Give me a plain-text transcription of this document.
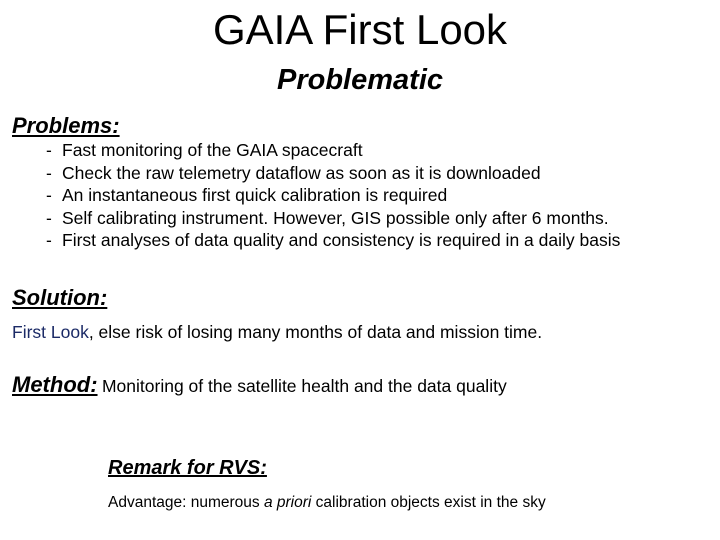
GAIA First Look
Problematic
Problems:
- Fast monitoring of the GAIA spacecraft
- Check the raw telemetry dataflow as soon as it is downloaded
- An instantaneous first quick calibration is required
- Self calibrating instrument. However, GIS possible only after 6 months.
- First analyses of data quality and consistency is required in a daily basis
Solution:
First Look, else risk of losing many months of data and mission time.
Method: Monitoring of the satellite health and the data quality
Remark for RVS:
Advantage: numerous a priori calibration objects exist in the sky
